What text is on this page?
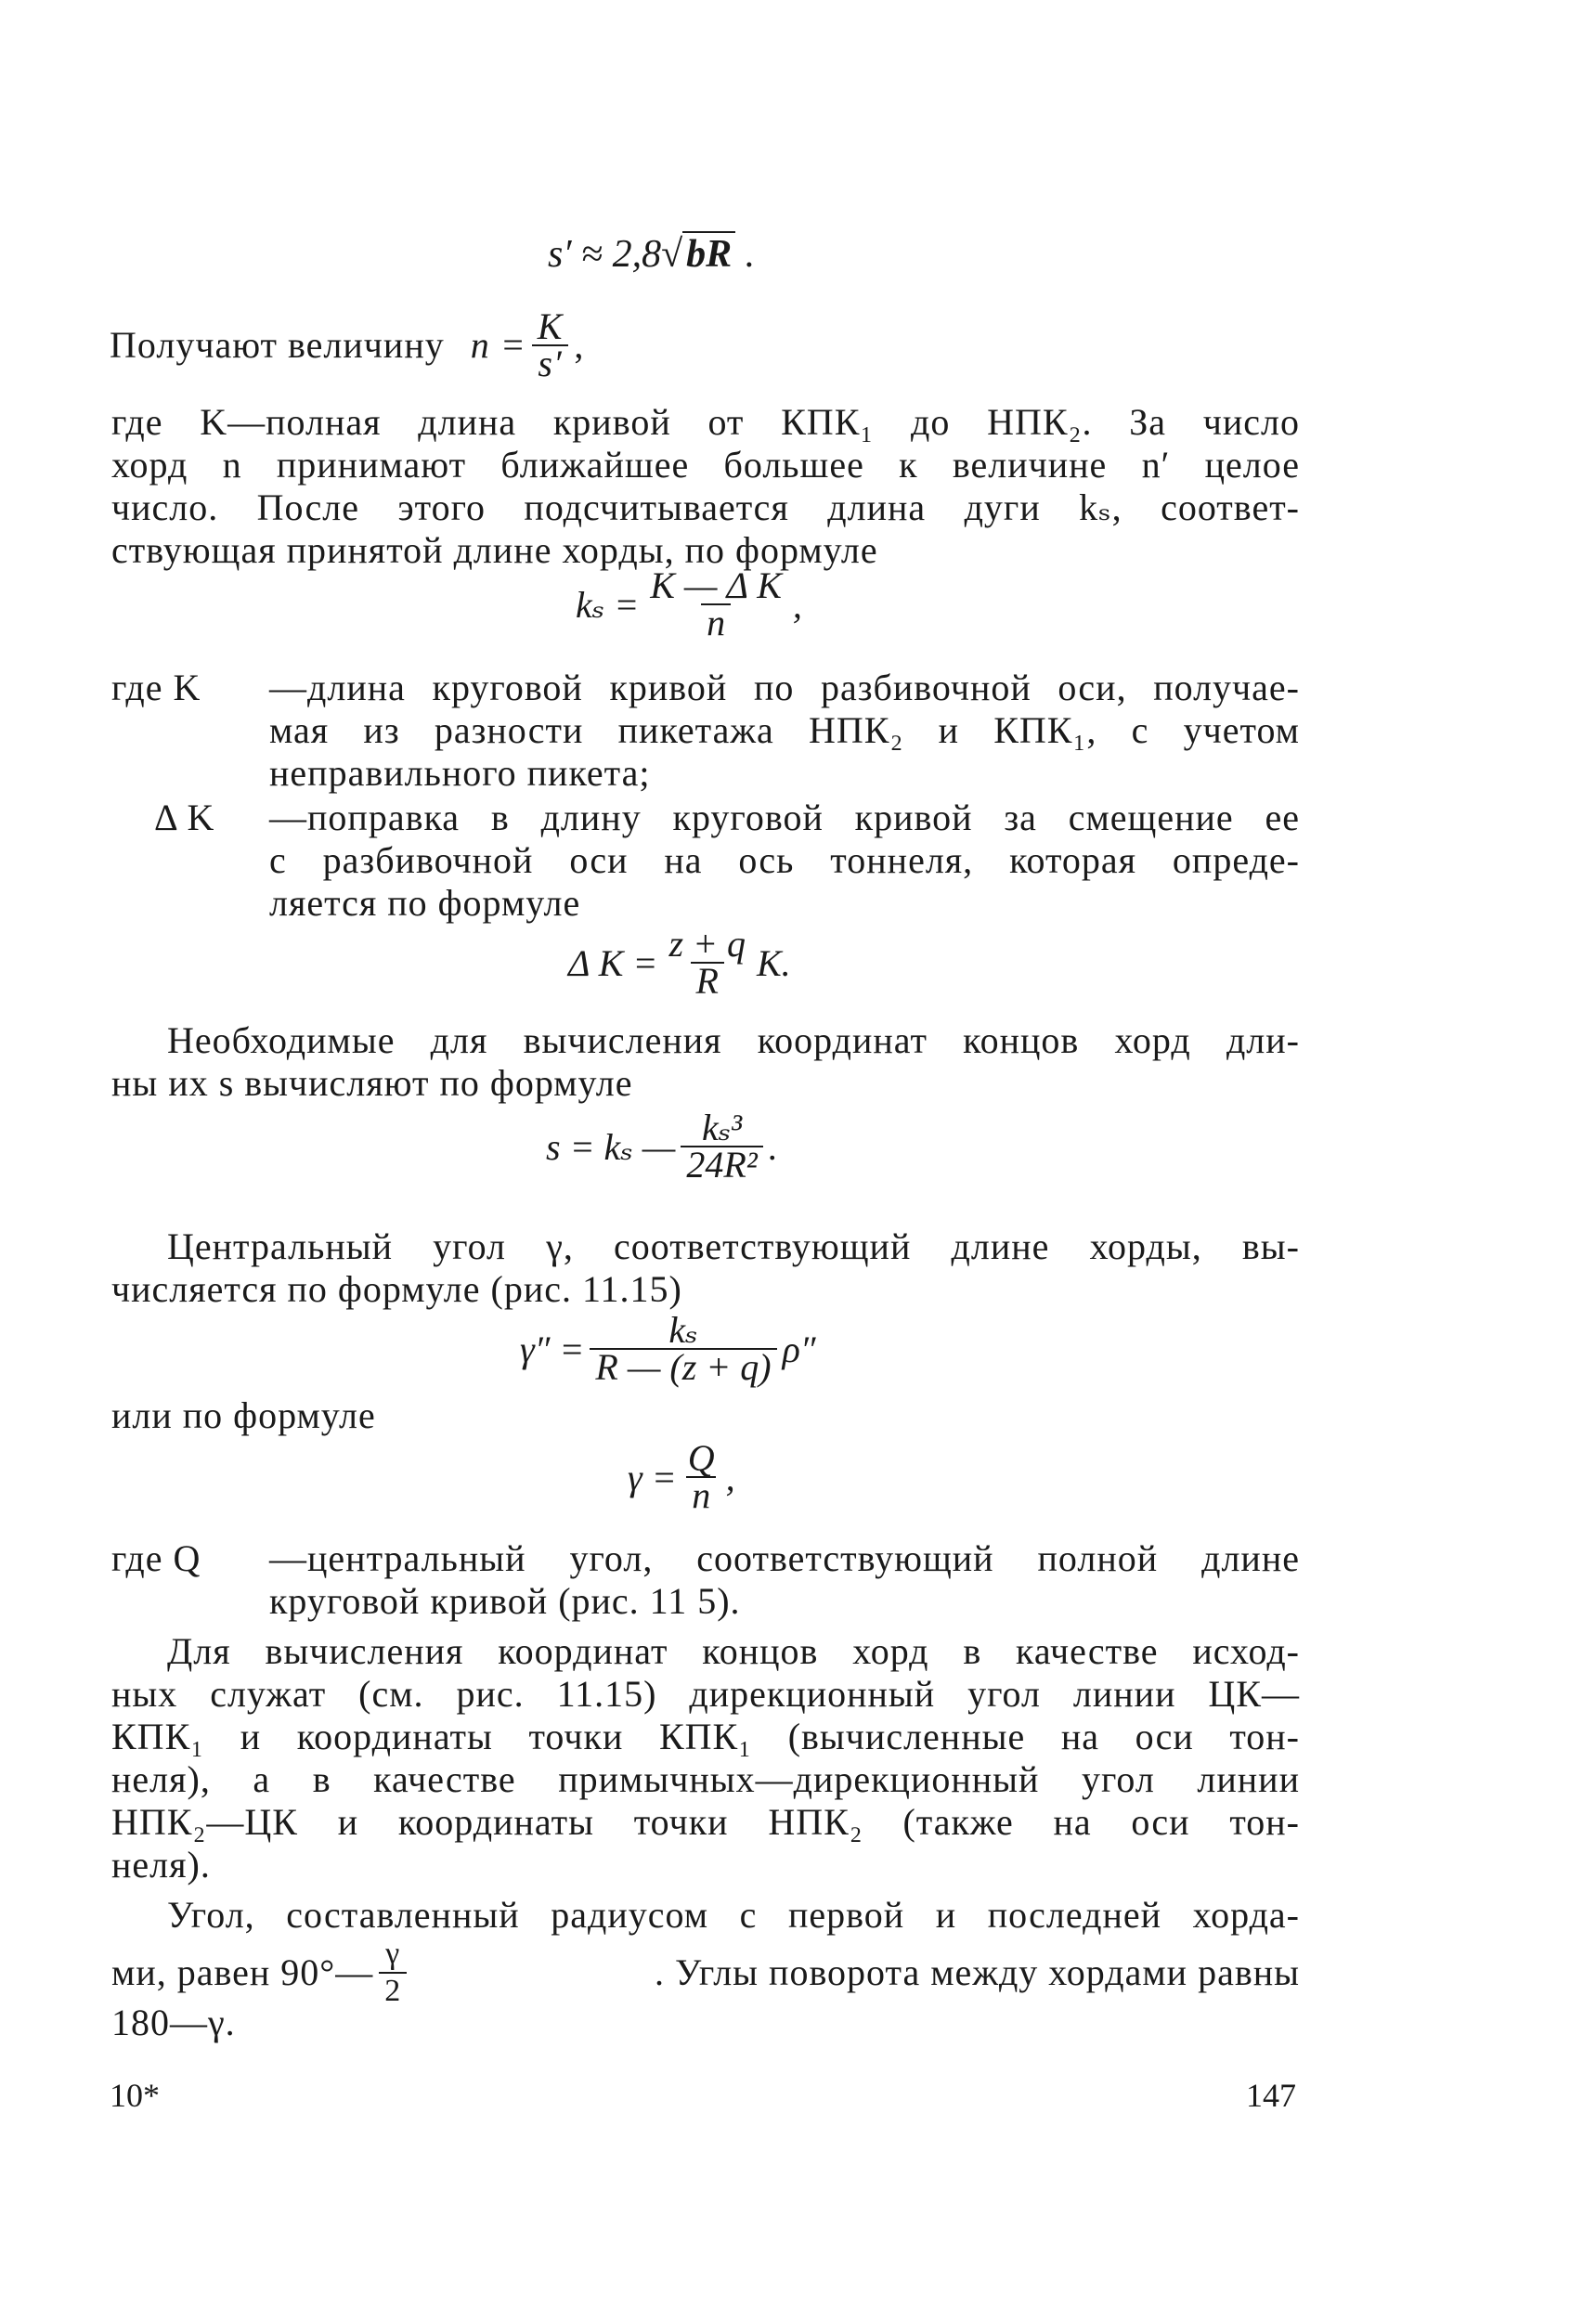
s′ ≈ 2,8√bR .
Получают величину $n = \frac{K}{s'}$ ,
где K—полная длина кривой от КПК₁ до НПК₂. За число
хорд n принимают ближайшее большее к величине n′ целое
число. После этого подсчитывается длина дуги kₛ, соответ-
ствующая принятой длине хорды, по формуле
$k_s = \frac{\text{K — Δ K}}{n}$ ,
где K —длина круговой кривой по разбивочной оси, получае-
мая из разности пикетажа НПК₂ и КПК₁, с учетом
неправильного пикета;
Δ K —поправка в длину круговой кривой за смещение ее
с разбивочной оси на ось тоннеля, которая опреде-
ляется по формуле
Δ $K = \frac{z + q}{R} K$.
Необходимые для вычисления координат концов хорд дли-
ны их s вычисляют по формуле
s = kₛ — $\frac{\text{kₛ³}}{\text{24R²}}$ .
Центральный угол γ, соответствующий длине хорды, вы-
числяется по формуле (рис. 11.15)
$\gamma'' = \frac{\text{kₛ}}{R — (z + q)} \rho''$
или по формуле
$\gamma = \frac{Q}{n}$ ,
где Q —центральный угол, соответствующий полной длине
круговой кривой (рис. 11 5).
Для вычисления координат концов хорд в качестве исход-
ных служат (см. рис. 11.15) дирекционный угол линии ЦК—
КПК₁ и координаты точки КПК₁ (вычисленные на оси тон-
неля), а в качестве примычных—дирекционный угол линии
НПК₂—ЦК и координаты точки НПК₂ (также на оси тон-
неля).
Угол, составленный радиусом с первой и последней хорда-
ми, равен 90°— $\frac{\gamma}{2}$	. Углы поворота между хордами равны
180—γ.
10*	147
